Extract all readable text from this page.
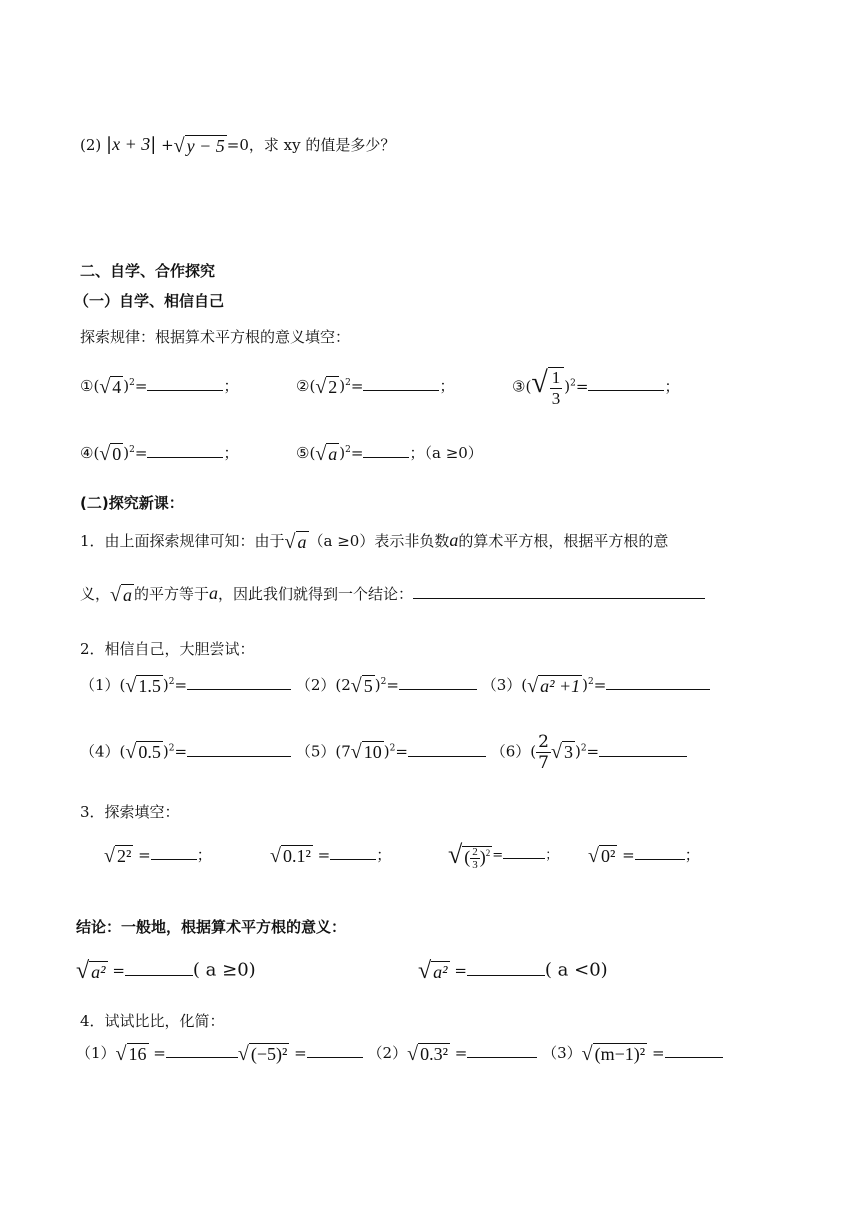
(2) |x + 3| +√ y − 5 =0，求 xy 的值是多少？
二、自学、合作探究
（一）自学、相信自己
探索规律：根据算术平方根的意义填空：
①(√ 4 )$^2$=	；	②(√ 2 )$^2$=	；	③(√ $\frac{1}{3} )^2=$	；
④(√ 0 )$^2$=	；	⑤(√ a )$^2$=	；（a ≥0）
(二)探究新课：
1．由上面探索规律可知：由于√ a （a ≥0）表示非负数a的算术平方根，根据平方根的意
义，√ a 的平方等于a，因此我们就得到一个结论：
2．相信自己，大胆尝试：
（1）(√ 1.5 )$^2$=	（2）(2√ 5 )$^2$=	（3）(√ a² +1 )$^2$=
（4）(√ 0.5 )$^2$=	（5）(7√ 10 )$^2$=	$(6)( \frac{2}{7}$ √ 3 )$^2$=
3．探索填空：
√ 2² =	；	√ 0.1² =	； √ ( $\frac{2}{3} )^2$ =	； √ 0² =	；
结论：一般地，根据算术平方根的意义：
√ a² =	( a ≥0)	√ a² =	( a <0)
4．试试比比，化简：
（1）√ 16 =	√ (−5)² =	（2）√ 0.3² =	（3）√ (m−1)² =
